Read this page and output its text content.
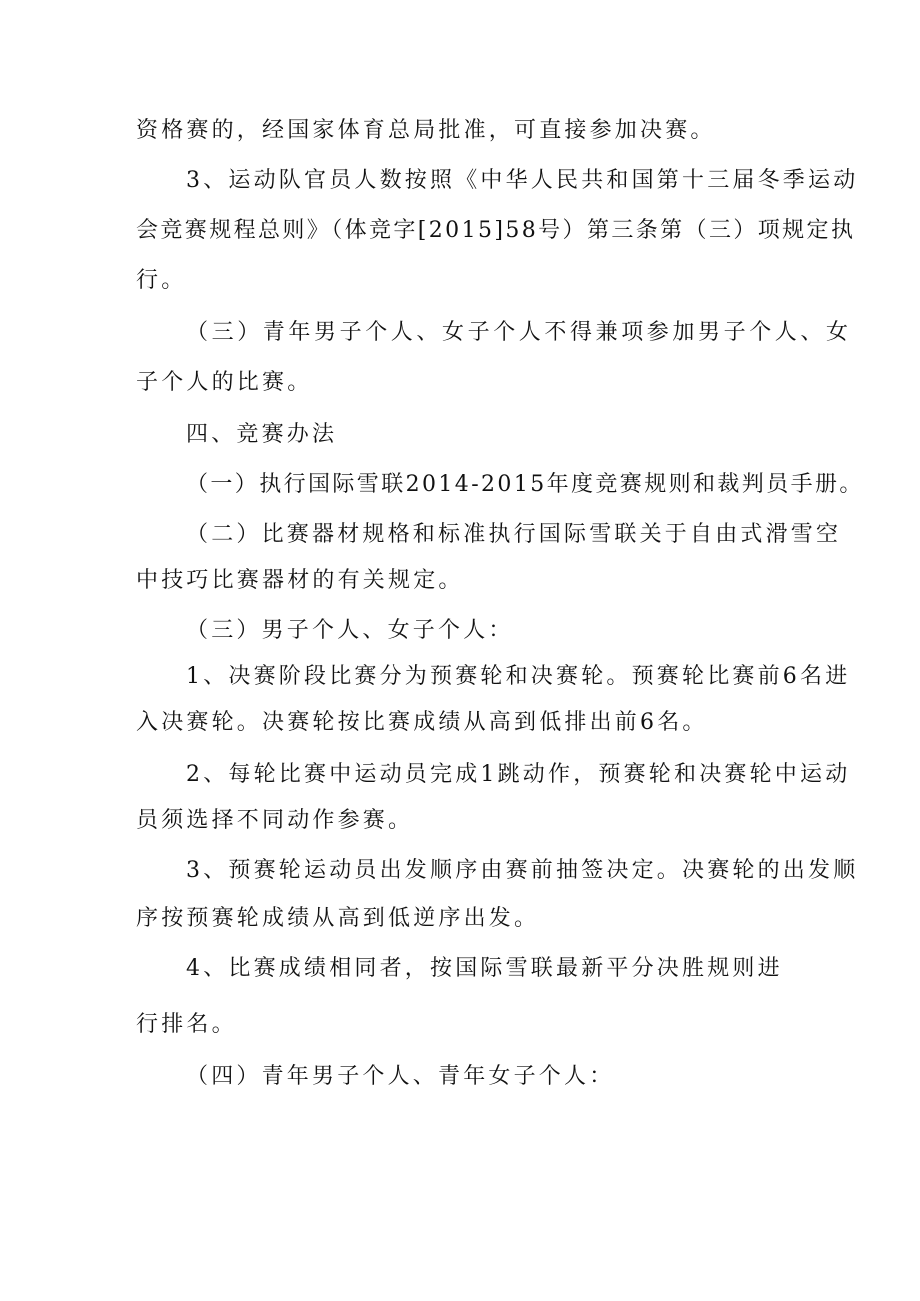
资格赛的，经国家体育总局批准，可直接参加决赛。
3、运动队官员人数按照《中华人民共和国第十三届冬季运动
会竞赛规程总则》（体竞字[2015]58号）第三条第（三）项规定执
行。
（三）青年男子个人、女子个人不得兼项参加男子个人、女
子个人的比赛。
四、竞赛办法
（一）执行国际雪联2014-2015年度竞赛规则和裁判员手册。
（二）比赛器材规格和标准执行国际雪联关于自由式滑雪空
中技巧比赛器材的有关规定。
（三）男子个人、女子个人：
1、决赛阶段比赛分为预赛轮和决赛轮。预赛轮比赛前6名进
入决赛轮。决赛轮按比赛成绩从高到低排出前6名。
2、每轮比赛中运动员完成1跳动作，预赛轮和决赛轮中运动
员须选择不同动作参赛。
3、预赛轮运动员出发顺序由赛前抽签决定。决赛轮的出发顺
序按预赛轮成绩从高到低逆序出发。
4、比赛成绩相同者，按国际雪联最新平分决胜规则进
行排名。
（四）青年男子个人、青年女子个人：
